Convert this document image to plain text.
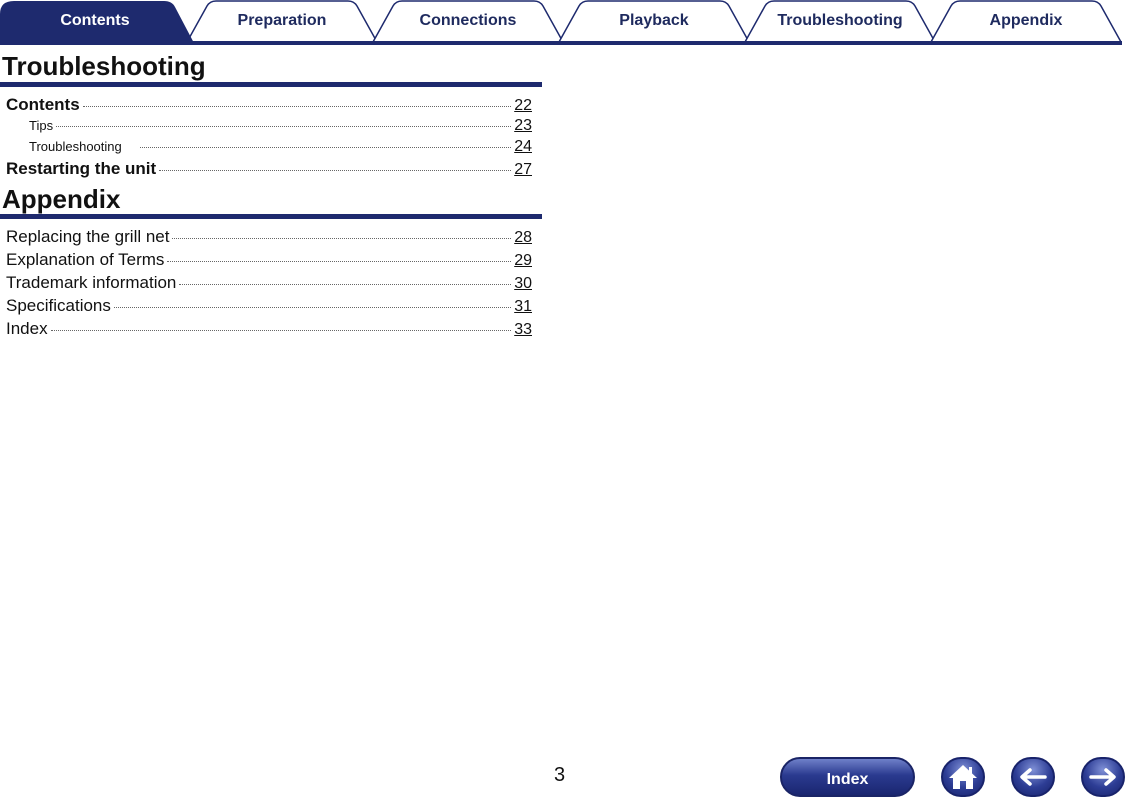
Contents	Preparation	Connections	Playback	Troubleshooting	Appendix
Troubleshooting
Contents	22
Tips	23
Troubleshooting	24
Restarting the unit	27
Appendix
Replacing the grill net	28
Explanation of Terms	29
Trademark information	30
Specifications	31
Index	33
3	Index
